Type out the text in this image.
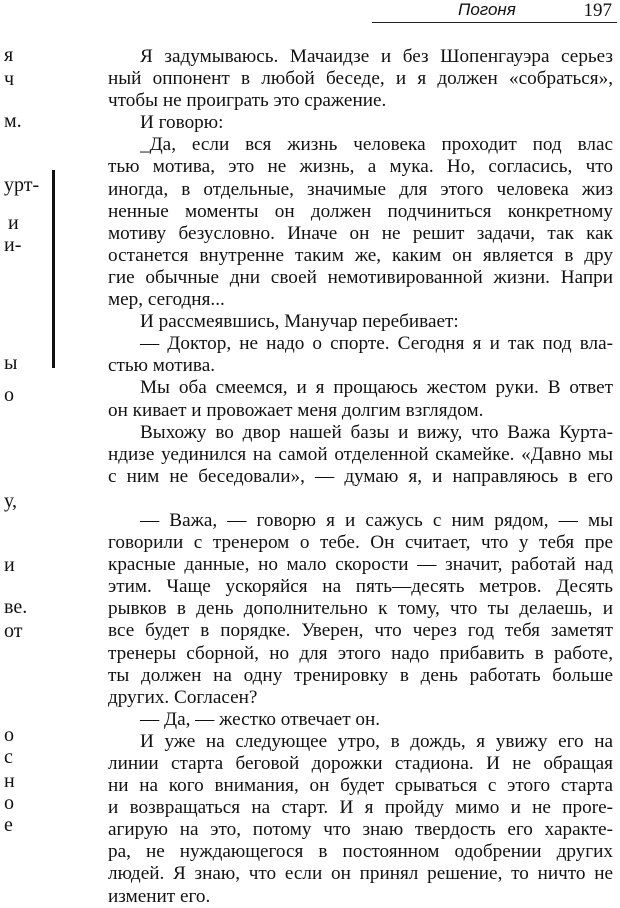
Погоня	197
я
ч
м.
урт-
и
и-
ы
о
у,
и
ве.
от
о
с
н
о
е
Я задумываюсь. Мачаидзе и без Шопенгауэра серьез
ный оппонент в любой беседе, и я должен «собраться»,
чтобы не проиграть это сражение.
И говорю:
_Да, если вся жизнь человека проходит под влас
тью мотива, это не жизнь, а мука. Но, согласись, что
иногда, в отдельные, значимые для этого человека жиз
ненные моменты он должен подчиниться конкретному
мотиву безусловно. Иначе он не решит задачи, так как
останется внутренне таким же, каким он является в дру
гие обычные дни своей немотивированной жизни. Напри
мер, сегодня...
И рассмеявшись, Манучар перебивает:
— Доктор, не надо о спорте. Сегодня я и так под вла-
стью мотива.
Мы оба смеемся, и я прощаюсь жестом руки. В ответ
он кивает и провожает меня долгим взглядом.
Выхожу во двор нашей базы и вижу, что Важа Курта-
ндизе уединился на самой отделенной скамейке. «Давно мы
с ним не беседовали», — думаю я, и направляюсь в его
— Важа, — говорю я и сажусь с ним рядом, — мы
говорили с тренером о тебе. Он считает, что у тебя пре
красные данные, но мало скорости — значит, работай над
этим. Чаще ускоряйся на пять—десять метров. Десять
рывков в день дополнительно к тому, что ты делаешь, и
все будет в порядке. Уверен, что через год тебя заметят
тренеры сборной, но для этого надо прибавить в работе,
ты должен на одну тренировку в день работать больше
других. Согласен?
— Да, — жестко отвечает он.
И уже на следующее утро, в дождь, я увижу его на
линии старта беговой дорожки стадиона. И не обращая
ни на кого внимания, он будет срываться с этого старта
и возвращаться на старт. И я пройду мимо и не прore-
агирую на это, потому что знаю твердость его характе-
ра, не нуждающегося в постоянном одобрении других
людей. Я знаю, что если он принял решение, то ничто не
изменит его.
